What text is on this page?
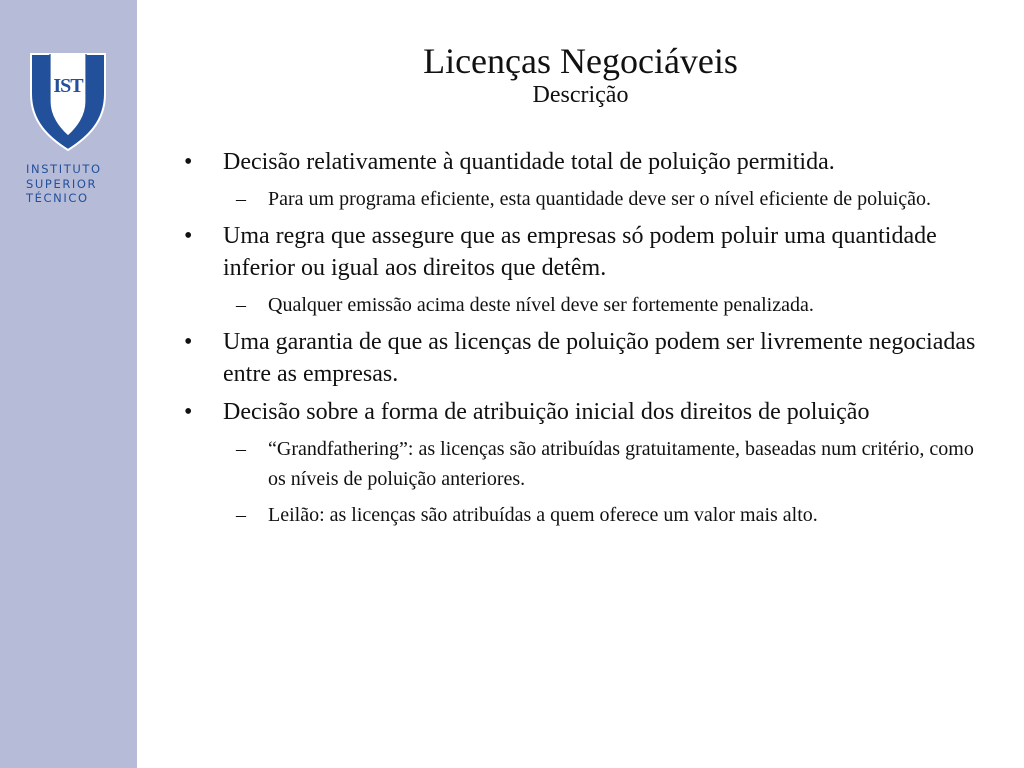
IST
INSTITUTO
SUPERIOR
TÉCNICO
Licenças Negociáveis
Descrição
• Decisão relativamente à quantidade total de poluição permitida.
– Para um programa eficiente, esta quantidade deve ser o nível eficiente de poluição.
• Uma regra que assegure que as empresas só podem poluir uma quantidade inferior ou igual aos direitos que detêm.
– Qualquer emissão acima deste nível deve ser fortemente penalizada.
• Uma garantia de que as licenças de poluição podem ser livremente negociadas entre as empresas.
• Decisão sobre a forma de atribuição inicial dos direitos de poluição
– “Grandfathering”: as licenças são atribuídas gratuitamente, baseadas num critério, como os níveis de poluição anteriores.
– Leilão: as licenças são atribuídas a quem oferece um valor mais alto.
